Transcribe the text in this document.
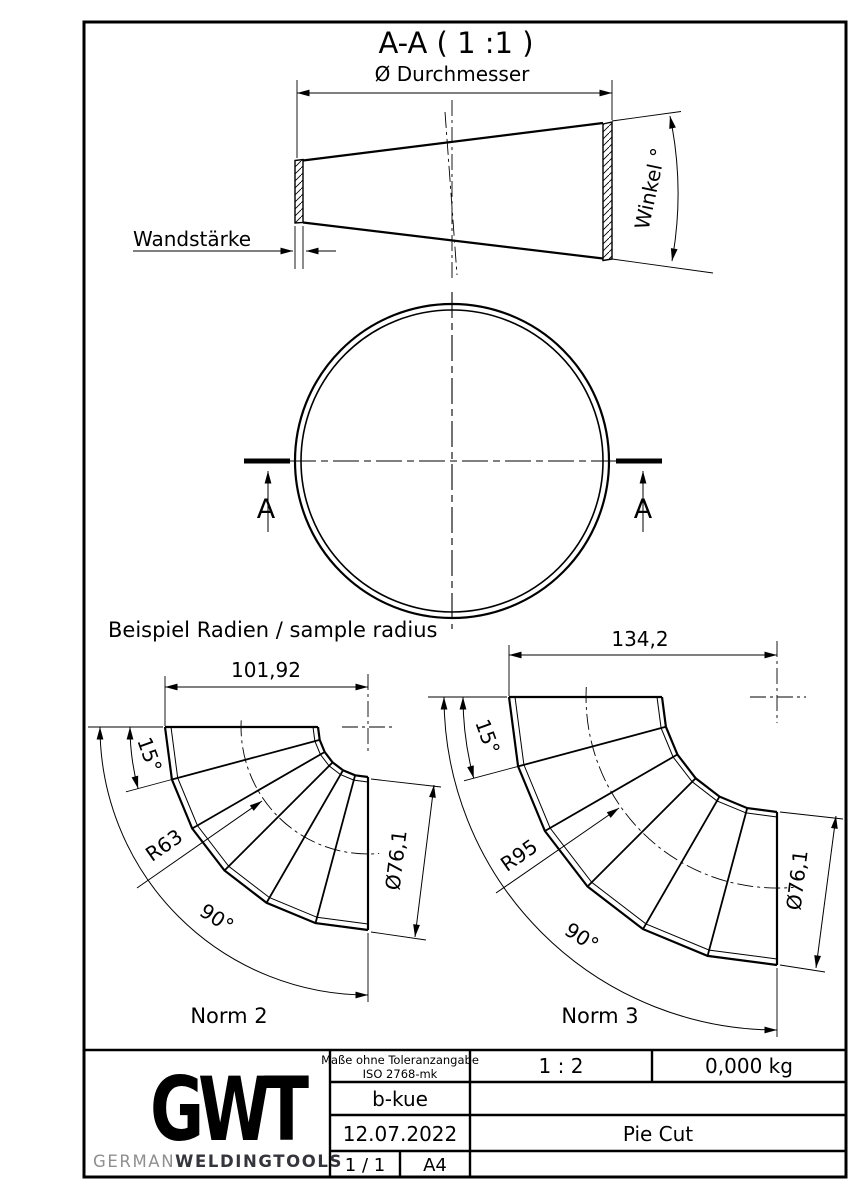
A-A ( 1 :1 )
Ø Durchmesser
Wandstärke
Winkel °
A	A
Beispiel Radien / sample radius
101,92
15°
R63
90°
Ø76,1
Norm 2
134,2
15°
R95
90°
Ø76,1
Norm 3
G
W
T
GERMANWELDINGTOOLS
Maße ohne Toleranzangabe
ISO 2768-mk
b-kue
12.07.2022
1 / 1 A4
1 : 2	0,000 kg
Pie Cut
